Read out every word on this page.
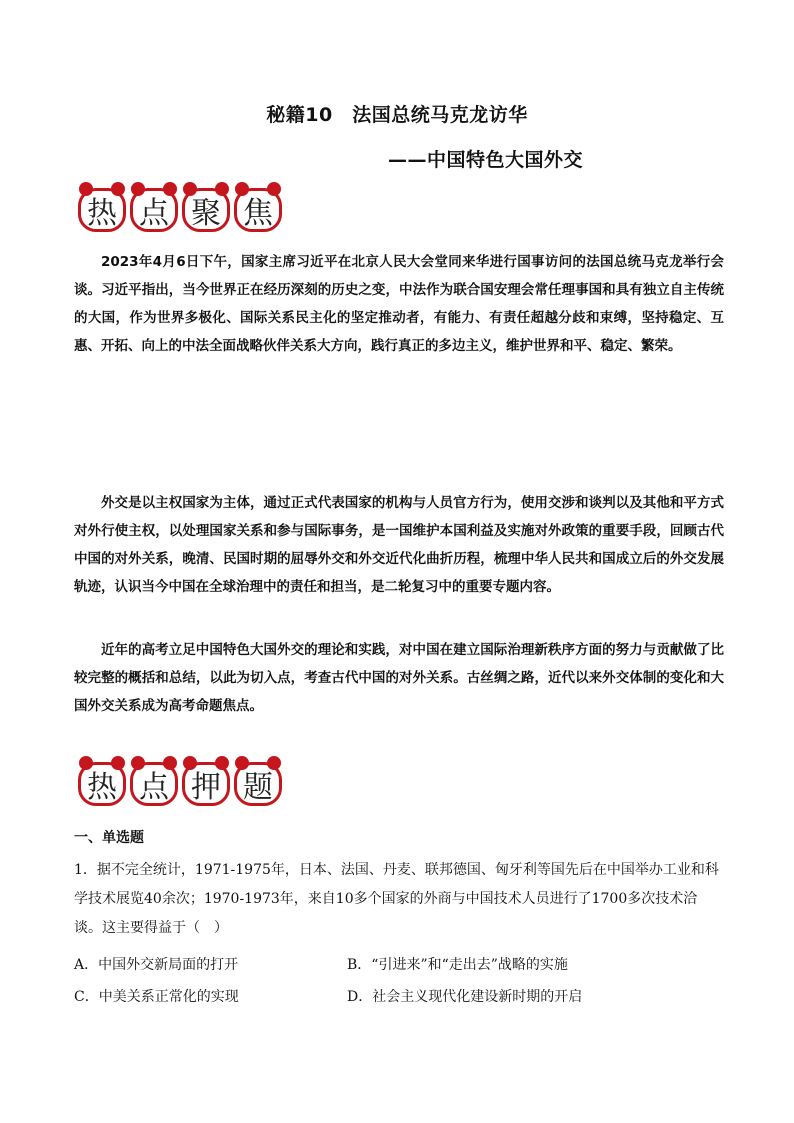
秘籍10　法国总统马克龙访华
——中国特色大国外交
热 点 聚 焦
2023年4月6日下午，国家主席习近平在北京人民大会堂同来华进行国事访问的法国总统马克龙举行会谈。习近平指出，当今世界正在经历深刻的历史之变，中法作为联合国安理会常任理事国和具有独立自主传统的大国，作为世界多极化、国际关系民主化的坚定推动者，有能力、有责任超越分歧和束缚，坚持稳定、互惠、开拓、向上的中法全面战略伙伴关系大方向，践行真正的多边主义，维护世界和平、稳定、繁荣。
外交是以主权国家为主体，通过正式代表国家的机构与人员官方行为，使用交涉和谈判以及其他和平方式对外行使主权，以处理国家关系和参与国际事务，是一国维护本国利益及实施对外政策的重要手段，回顾古代中国的对外关系，晚清、民国时期的屈辱外交和外交近代化曲折历程，梳理中华人民共和国成立后的外交发展轨迹，认识当今中国在全球治理中的责任和担当，是二轮复习中的重要专题内容。
近年的高考立足中国特色大国外交的理论和实践，对中国在建立国际治理新秩序方面的努力与贡献做了比较完整的概括和总结，以此为切入点，考查古代中国的对外关系。古丝绸之路，近代以来外交体制的变化和大国外交关系成为高考命题焦点。
热 点 押 题
一、单选题
1．据不完全统计，1971-1975年，日本、法国、丹麦、联邦德国、匈牙利等国先后在中国举办工业和科学技术展览40余次；1970-1973年，来自10多个国家的外商与中国技术人员进行了1700多次技术洽谈。这主要得益于（　）
A．中国外交新局面的打开	B．“引进来”和“走出去”战略的实施
C．中美关系正常化的实现	D．社会主义现代化建设新时期的开启
